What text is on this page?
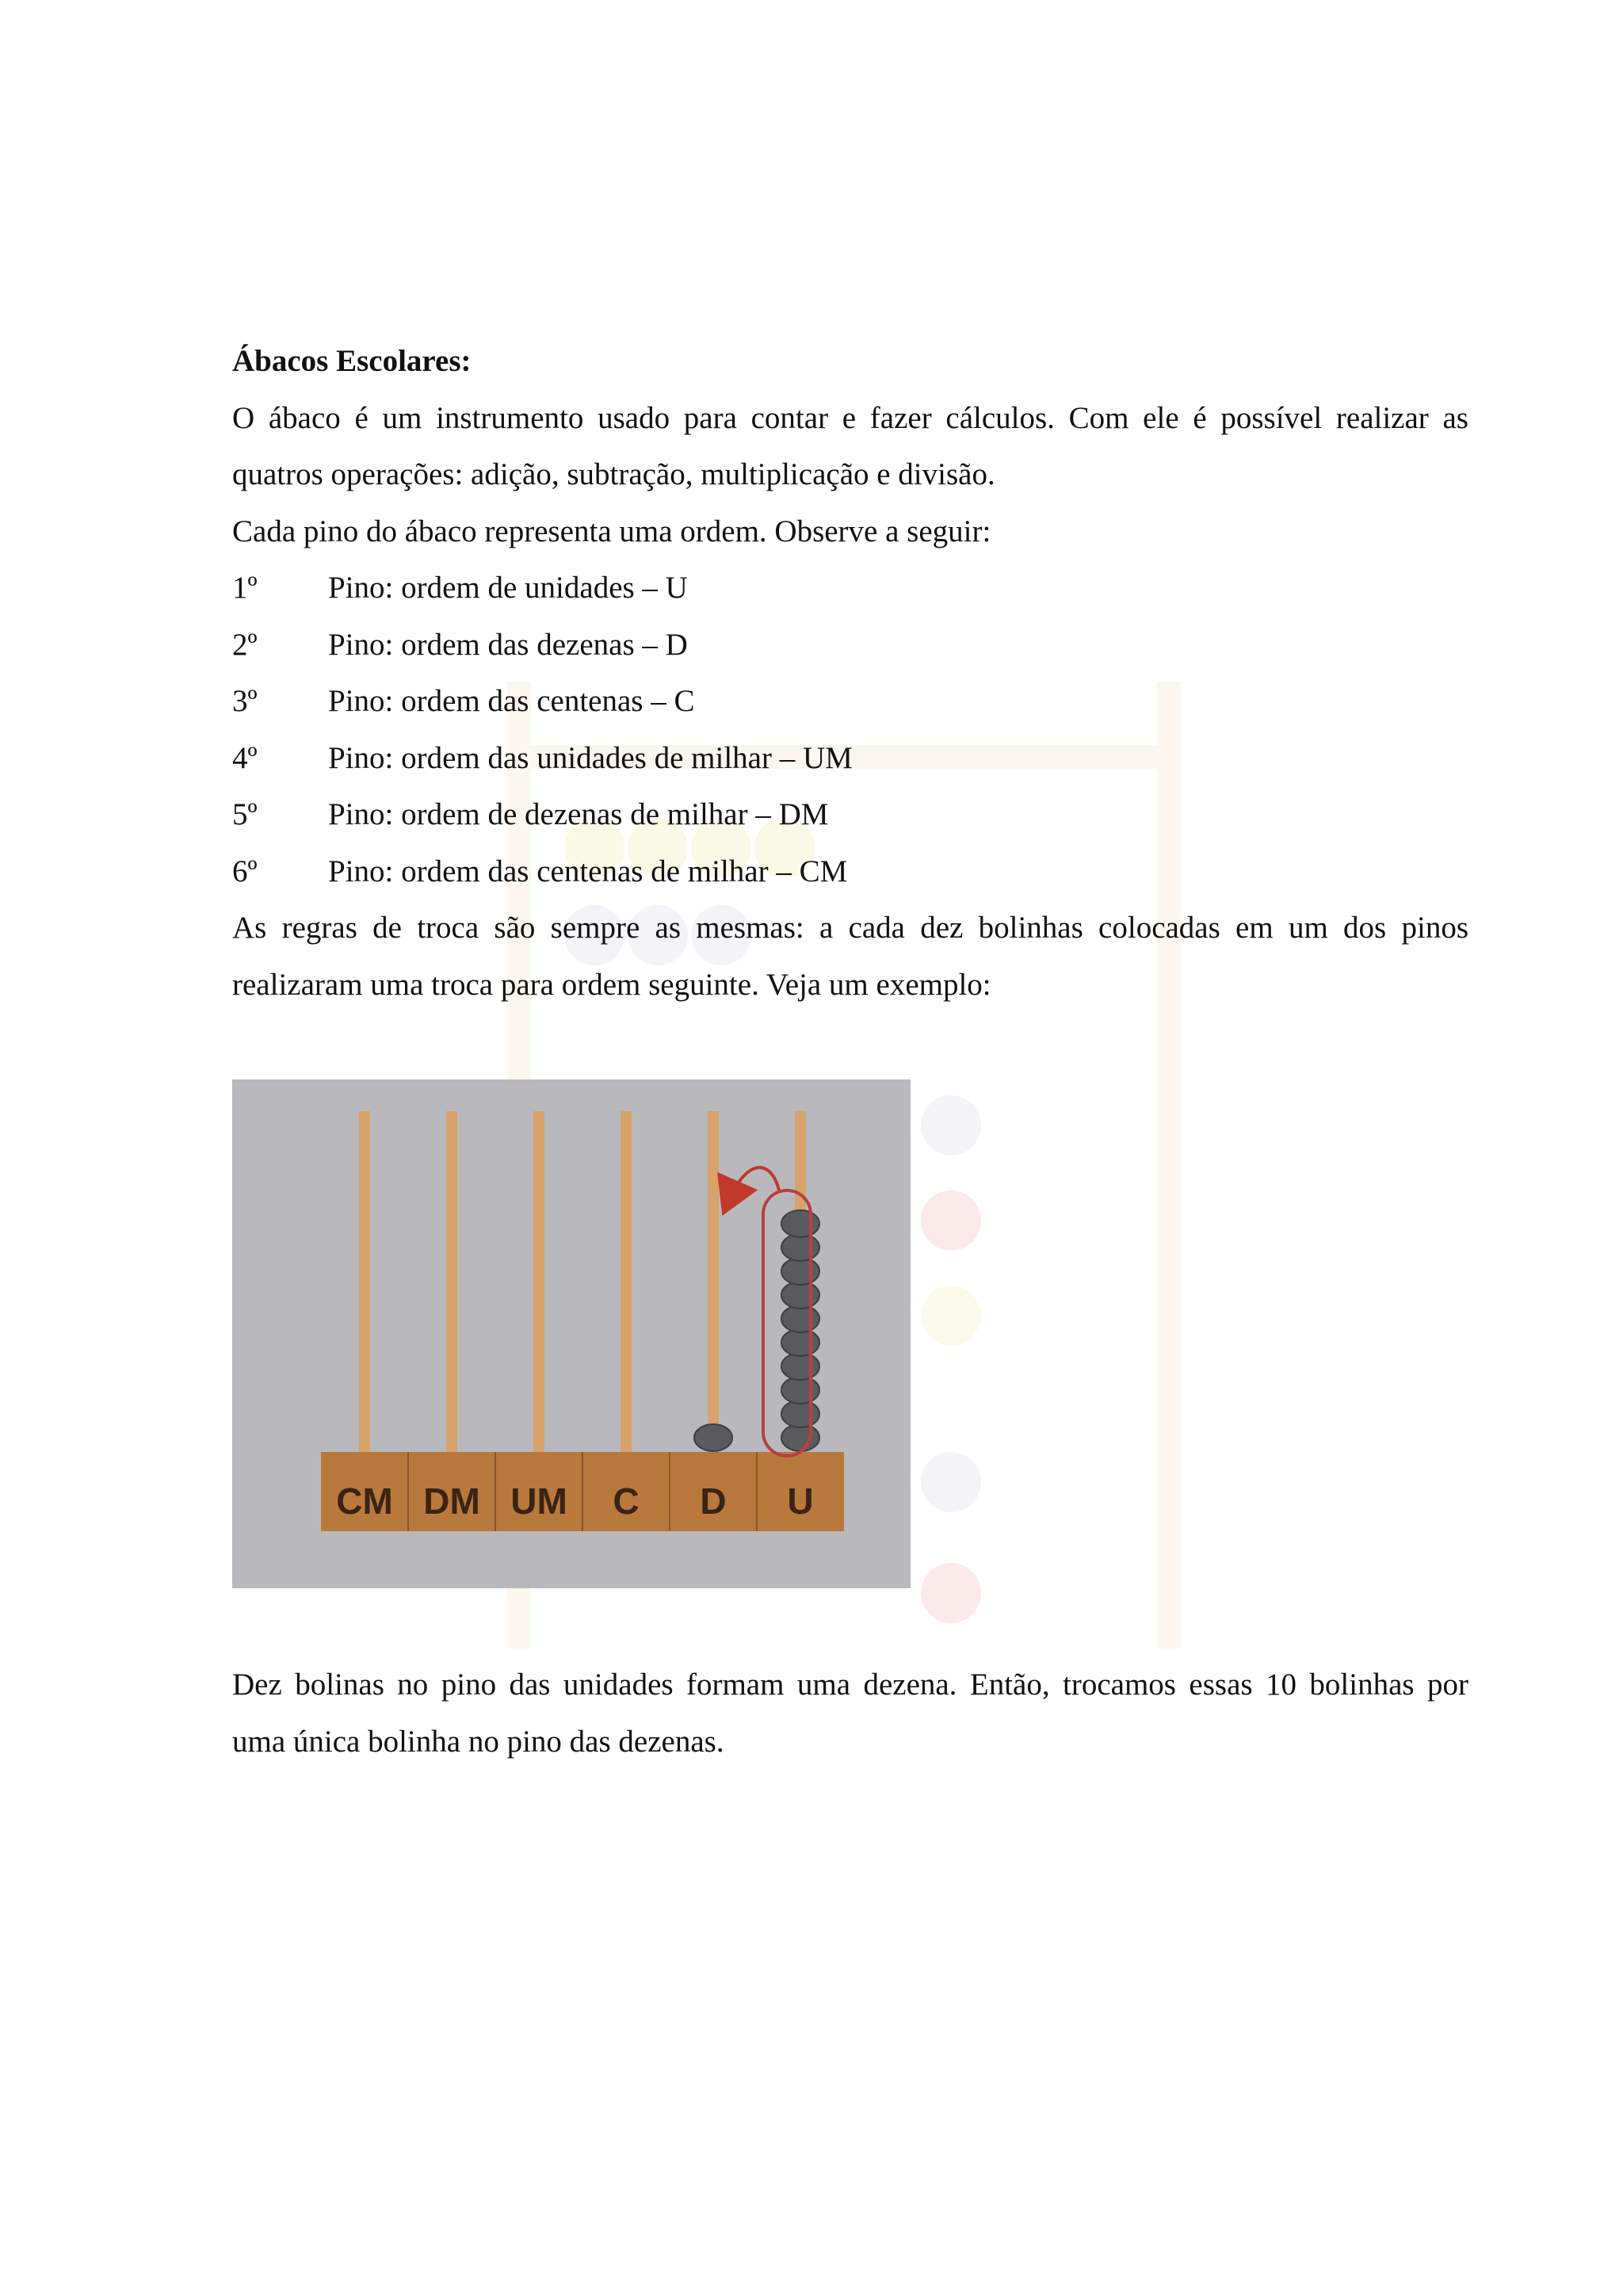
Ábacos Escolares:
O ábaco é um instrumento usado para contar e fazer cálculos. Com ele é possível realizar as
quatros operações: adição, subtração, multiplicação e divisão.
Cada pino do ábaco representa uma ordem. Observe a seguir:
1º Pino: ordem de unidades – U
2º Pino: ordem das dezenas – D
3º Pino: ordem das centenas – C
4º Pino: ordem das unidades de milhar – UM
5º Pino: ordem de dezenas de milhar – DM
6º Pino: ordem das centenas de milhar – CM
As regras de troca são sempre as mesmas: a cada dez bolinhas colocadas em um dos pinos
realizaram uma troca para ordem seguinte. Veja um exemplo:
CM DM UM C D U
Dez bolinas no pino das unidades formam uma dezena. Então, trocamos essas 10 bolinhas por
uma única bolinha no pino das dezenas.
